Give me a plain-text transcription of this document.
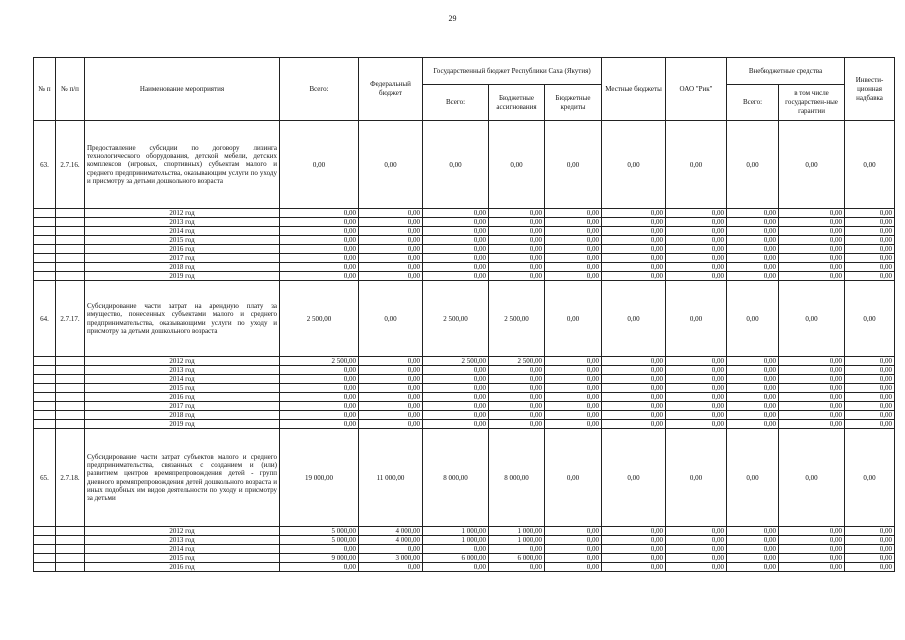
29
№ п	№ п/п	Наименование мероприятия	Всего:	Федеральный бюджет	Государственный бюджет Республики Саха (Якутия)			Местные бюджеты	ОАО "Рик"	Внебюджетные средства		Инвести-ционная надбавка
					Всего:	Бюджетные ассигнования	Бюджетные кредиты			Всего:	в том числе государствен-ные гарантии	
63.	2.7.16.	Предоставление субсидии по договору лизинга технологического оборудования, детской мебели, детских комплексов (игровых, спортивных) субъектам малого и среднего предпринимательства, оказывающим услуги по уходу и присмотру за детьми дошкольного возраста	0,00	0,00	0,00	0,00	0,00	0,00	0,00	0,00	0,00	0,00
		2012 год	0,00	0,00	0,00	0,00	0,00	0,00	0,00	0,00	0,00	0,00
		2013 год	0,00	0,00	0,00	0,00	0,00	0,00	0,00	0,00	0,00	0,00
		2014 год	0,00	0,00	0,00	0,00	0,00	0,00	0,00	0,00	0,00	0,00
		2015 год	0,00	0,00	0,00	0,00	0,00	0,00	0,00	0,00	0,00	0,00
		2016 год	0,00	0,00	0,00	0,00	0,00	0,00	0,00	0,00	0,00	0,00
		2017 год	0,00	0,00	0,00	0,00	0,00	0,00	0,00	0,00	0,00	0,00
		2018 год	0,00	0,00	0,00	0,00	0,00	0,00	0,00	0,00	0,00	0,00
		2019 год	0,00	0,00	0,00	0,00	0,00	0,00	0,00	0,00	0,00	0,00
64.	2.7.17.	Субсидирование части затрат на арендную плату за имущество, понесенных субъектами малого и среднего предпринимательства, оказывающими услуги по уходу и присмотру за детьми дошкольного возраста	2 500,00	0,00	2 500,00	2 500,00	0,00	0,00	0,00	0,00	0,00	0,00
		2012 год	2 500,00	0,00	2 500,00	2 500,00	0,00	0,00	0,00	0,00	0,00	0,00
		2013 год	0,00	0,00	0,00	0,00	0,00	0,00	0,00	0,00	0,00	0,00
		2014 год	0,00	0,00	0,00	0,00	0,00	0,00	0,00	0,00	0,00	0,00
		2015 год	0,00	0,00	0,00	0,00	0,00	0,00	0,00	0,00	0,00	0,00
		2016 год	0,00	0,00	0,00	0,00	0,00	0,00	0,00	0,00	0,00	0,00
		2017 год	0,00	0,00	0,00	0,00	0,00	0,00	0,00	0,00	0,00	0,00
		2018 год	0,00	0,00	0,00	0,00	0,00	0,00	0,00	0,00	0,00	0,00
		2019 год	0,00	0,00	0,00	0,00	0,00	0,00	0,00	0,00	0,00	0,00
65.	2.7.18.	Субсидирование части затрат субъектов малого и среднего предпринимательства, связанных с созданием и (или) развитием центров времяпрепровождения детей - групп дневного времяпрепровождения детей дошкольного возраста и иных подобных им видов деятельности по уходу и присмотру за детьми	19 000,00	11 000,00	8 000,00	8 000,00	0,00	0,00	0,00	0,00	0,00	0,00
		2012 год	5 000,00	4 000,00	1 000,00	1 000,00	0,00	0,00	0,00	0,00	0,00	0,00
		2013 год	5 000,00	4 000,00	1 000,00	1 000,00	0,00	0,00	0,00	0,00	0,00	0,00
		2014 год	0,00	0,00	0,00	0,00	0,00	0,00	0,00	0,00	0,00	0,00
		2015 год	9 000,00	3 000,00	6 000,00	6 000,00	0,00	0,00	0,00	0,00	0,00	0,00
		2016 год	0,00	0,00	0,00	0,00	0,00	0,00	0,00	0,00	0,00	0,00
